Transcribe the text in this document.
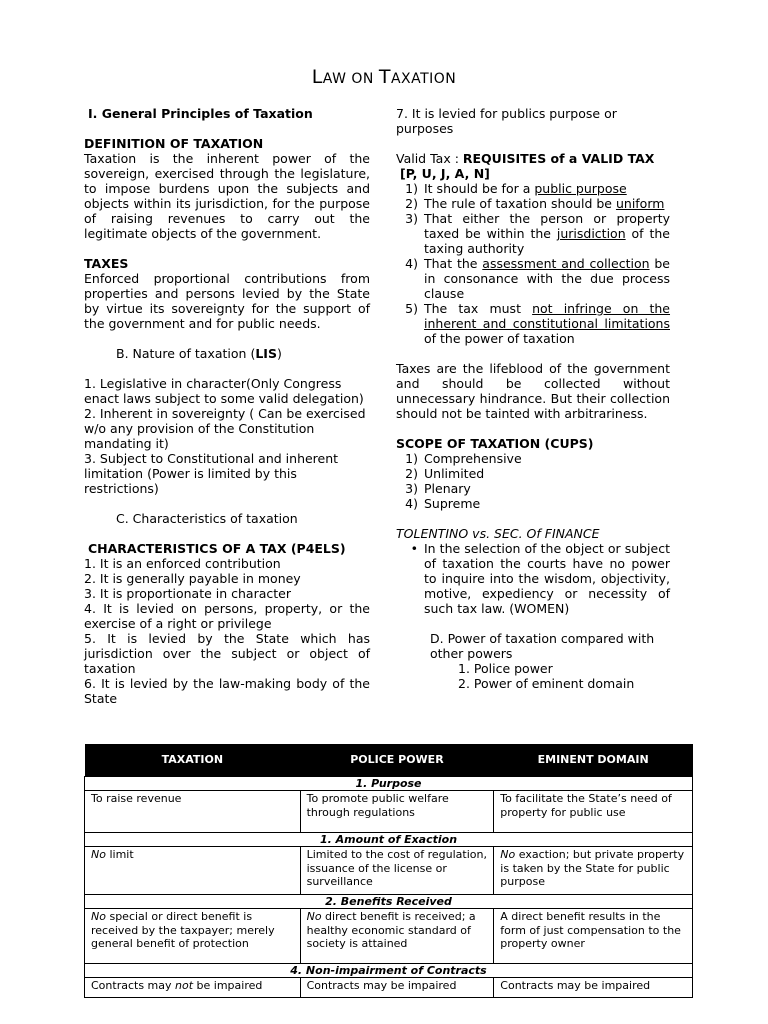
LAW ON TAXATION

I. General Principles of Taxation

DEFINITION OF TAXATION

Taxation is the inherent power of the sovereign, exercised through the legislature, to impose burdens upon the subjects and objects within its jurisdiction, for the purpose of raising revenues to carry out the legitimate objects of the government.

TAXES

Enforced proportional contributions from properties and persons levied by the State by virtue its sovereignty for the support of the government and for public needs.

B. Nature of taxation (LIS)

1. Legislative in character(Only Congress enact laws subject to some valid delegation)

2. Inherent in sovereignty ( Can be exercised w/o any provision of the Constitution mandating it)

3. Subject to Constitutional and inherent limitation (Power is limited by this restrictions)

C. Characteristics of taxation

CHARACTERISTICS OF A TAX (P4ELS)

1. It is an enforced contribution

2. It is generally payable in money

3. It is proportionate in character

4. It is levied on persons, property, or the exercise of a right or privilege

5. It is levied by the State which has jurisdiction over the subject or object of taxation

6. It is levied by the law-making body of the State

7. It is levied for publics purpose or purposes

Valid Tax : REQUISITES of a VALID TAX

[P, U, J, A, N]

1) It should be for a public purpose
2) The rule of taxation should be uniform
3) That either the person or property taxed be within the jurisdiction of the taxing authority
4) That the assessment and collection be in consonance with the due process clause
5) The tax must not infringe on the inherent and constitutional limitations of the power of taxation

Taxes are the lifeblood of the government and should be collected without unnecessary hindrance. But their collection should not be tainted with arbitrariness.

SCOPE OF TAXATION (CUPS)

1) Comprehensive
2) Unlimited
3) Plenary
4) Supreme

TOLENTINO vs. SEC. Of FINANCE

• In the selection of the object or subject of taxation the courts have no power to inquire into the wisdom, objectivity, motive, expediency or necessity of such tax law. (WOMEN)

D. Power of taxation compared with other powers

1. Police power

2. Power of eminent domain

TAXATION	POLICE POWER	EMINENT DOMAIN
1. Purpose		
To raise revenue	To promote public welfare through regulations	To facilitate the State’s need of property for public use
1. Amount of Exaction		
No limit	Limited to the cost of regulation, issuance of the license or surveillance	No exaction; but private property is taken by the State for public purpose
2. Benefits Received		
No special or direct benefit is received by the taxpayer; merely general benefit of protection	No direct benefit is received; a healthy economic standard of society is attained	A direct benefit results in the form of just compensation to the property owner
4. Non-impairment of Contracts		
Contracts may not be impaired	Contracts may be impaired	Contracts may be impaired
